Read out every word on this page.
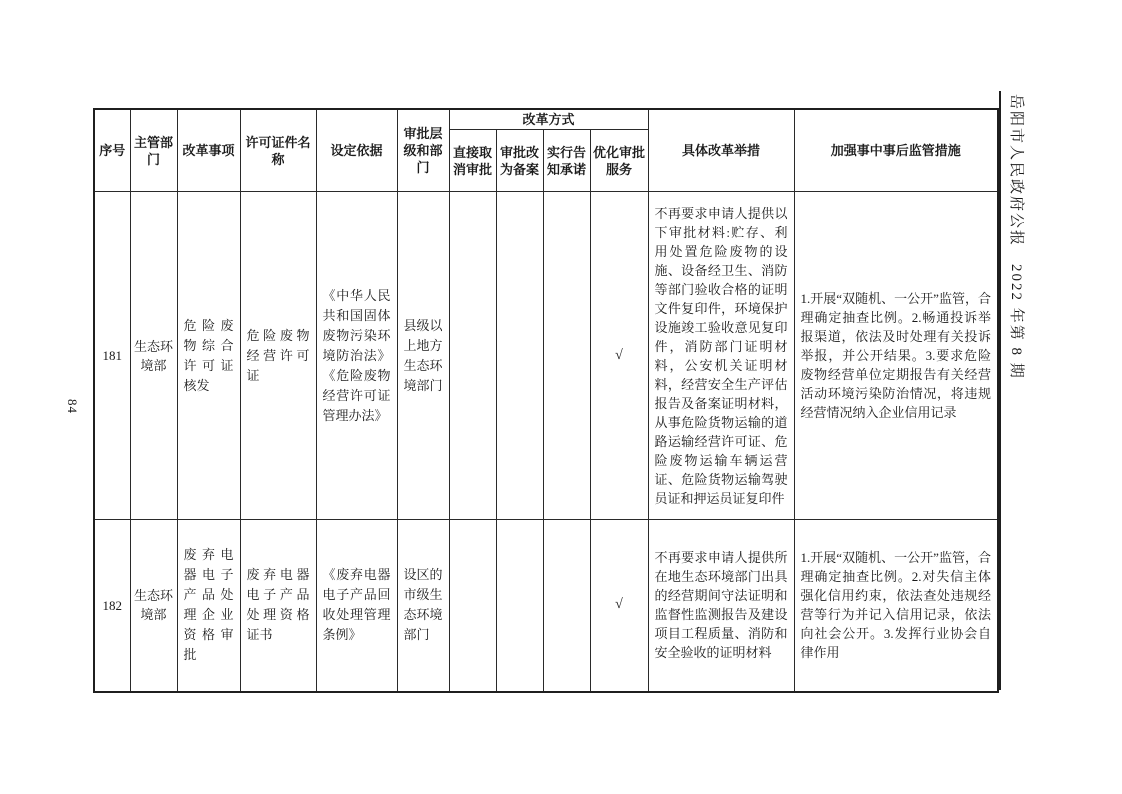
84
序号	主管部门	改革事项	许可证件名称	设定依据	审批层级和部门	改革方式				具体改革举措	加强事中事后监管措施
						直接取消审批	审批改为备案	实行告知承诺	优化审批服务		
181	生态环境部	危险废物综合许可证核发	危险废物经营许可证	《中华人民共和国固体废物污染环境防治法》《危险废物经营许可证管理办法》	县级以上地方生态环境部门				√	不再要求申请人提供以下审批材料:贮存、利用处置危险废物的设施、设备经卫生、消防等部门验收合格的证明文件复印件，环境保护设施竣工验收意见复印件，消防部门证明材料，公安机关证明材料，经营安全生产评估报告及备案证明材料，从事危险货物运输的道路运输经营许可证、危险废物运输车辆运营证、危险货物运输驾驶员证和押运员证复印件	1.开展“双随机、一公开”监管，合理确定抽查比例。2.畅通投诉举报渠道，依法及时处理有关投诉举报，并公开结果。3.要求危险废物经营单位定期报告有关经营活动环境污染防治情况，将违规经营情况纳入企业信用记录
182	生态环境部	废弃电器电子产品处理企业资格审批	废弃电器电子产品处理资格证书	《废弃电器电子产品回收处理管理条例》	设区的市级生态环境部门				√	不再要求申请人提供所在地生态环境部门出具的经营期间守法证明和监督性监测报告及建设项目工程质量、消防和安全验收的证明材料	1.开展“双随机、一公开”监管，合理确定抽查比例。2.对失信主体强化信用约束，依法查处违规经营等行为并记入信用记录，依法向社会公开。3.发挥行业协会自律作用
岳阳市人民政府公报　2022 年第 8 期
